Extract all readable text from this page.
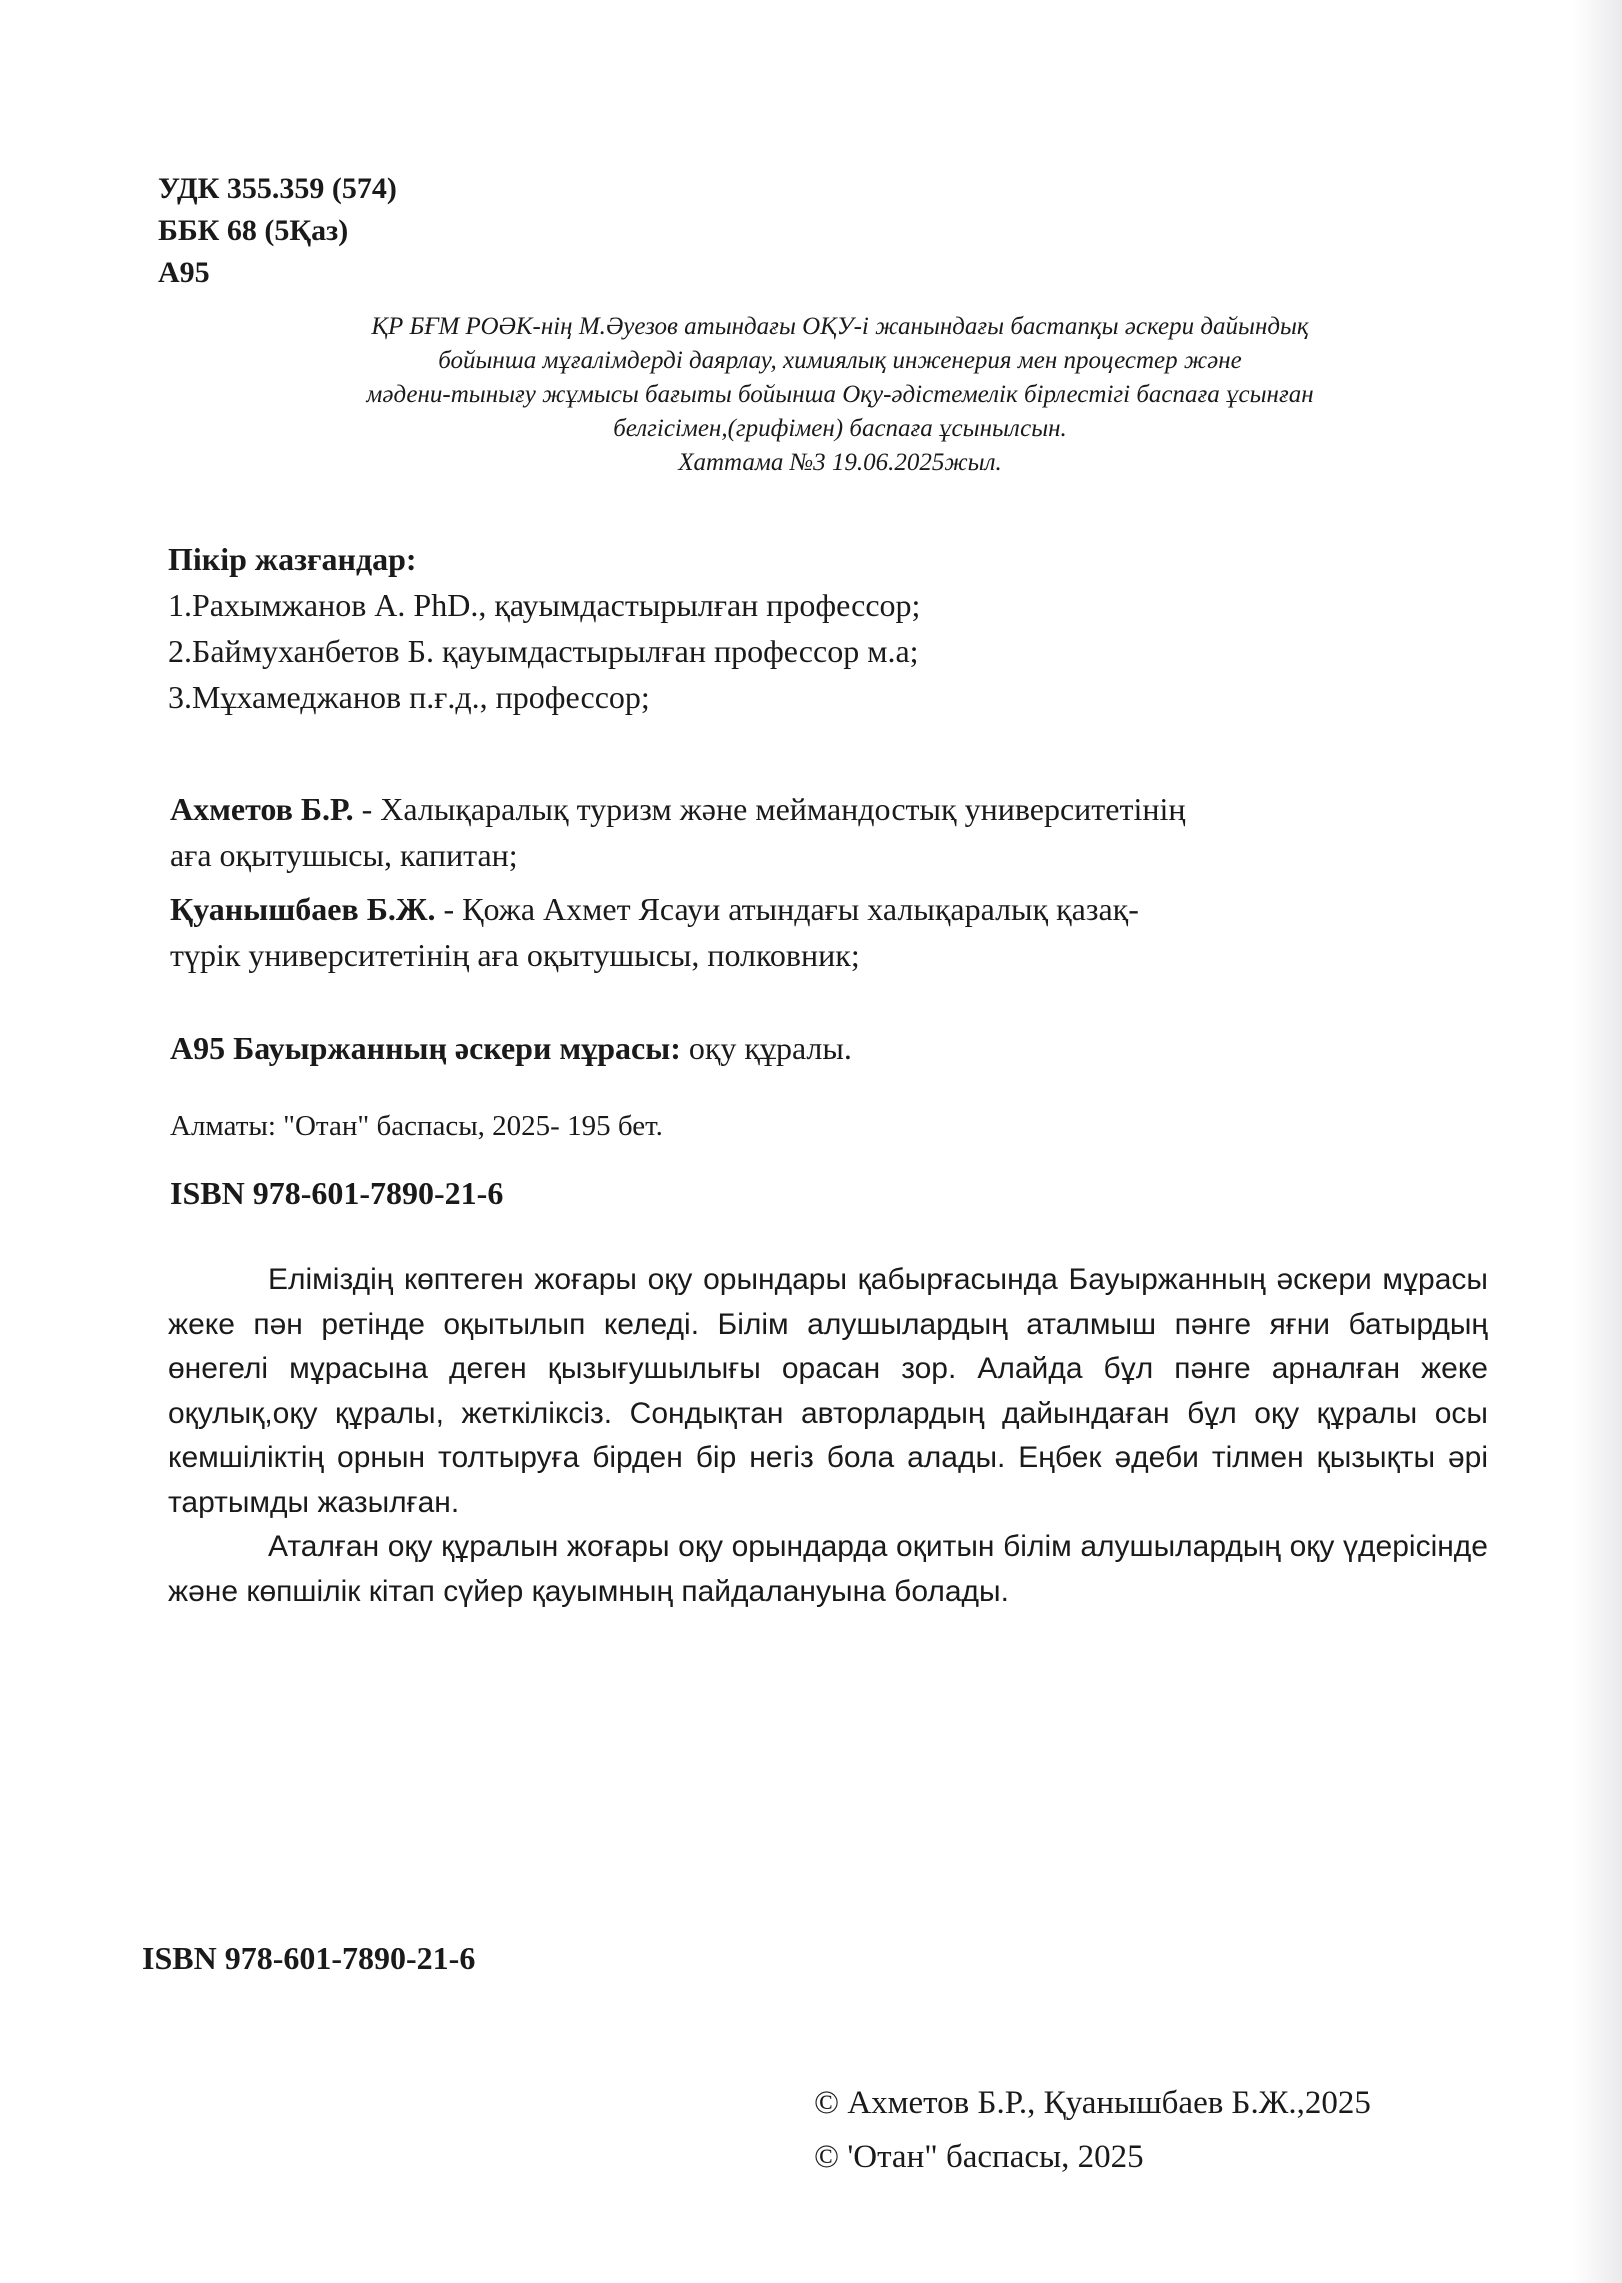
УДК 355.359 (574)
ББК 68 (5Қаз)
А95
ҚР БҒМ РОӘК-нің М.Әуезов атындағы ОҚУ-і жанындағы бастапқы әскери дайындық
бойынша мұғалімдерді даярлау, химиялық инженерия мен процестер және
мәдени-тынығу жұмысы бағыты бойынша Оқу-әдістемелік бірлестігі баспаға ұсынған
белгісімен,(грифімен) баспаға ұсынылсын.
Хаттама №3 19.06.2025жыл.
Пікір жазғандар:
1.Рахымжанов А. PhD., қауымдастырылған профессор;
2.Баймуханбетов Б. қауымдастырылған профессор м.а;
3.Мұхамеджанов п.ғ.д., профессор;
Ахметов Б.Р. - Халықаралық туризм және меймандостық университетінің
аға оқытушысы, капитан;
Қуанышбаев Б.Ж. - Қожа Ахмет Ясауи атындағы халықаралық қазақ-
түрік университетінің аға оқытушысы, полковник;
А95 Бауыржанның әскери мұрасы: оқу құралы.
Алматы: "Отан" баспасы, 2025- 195 бет.
ISBN 978-601-7890-21-6

Еліміздің көптеген жоғары оқу орындары қабырғасында Бауыржанның әскери мұрасы жеке пән ретінде оқытылып келеді. Білім алушылардың аталмыш пәнге яғни батырдың өнегелі мұрасына деген қызығушылығы орасан зор. Алайда бұл пәнге арналған жеке оқулық,оқу құралы, жеткіліксіз. Сондықтан авторлардың дайындаған бұл оқу құралы осы кемшіліктің орнын толтыруға бірден бір негіз бола алады. Еңбек әдеби тілмен қызықты әрі тартымды жазылған.

Аталған оқу құралын жоғары оқу орындарда оқитын білім алушылардың оқу үдерісінде және көпшілік кітап сүйер қауымның пайдалануына болады.

ISBN 978-601-7890-21-6
© Ахметов Б.Р., Қуанышбаев Б.Ж.,2025
© 'Отан" баспасы, 2025
